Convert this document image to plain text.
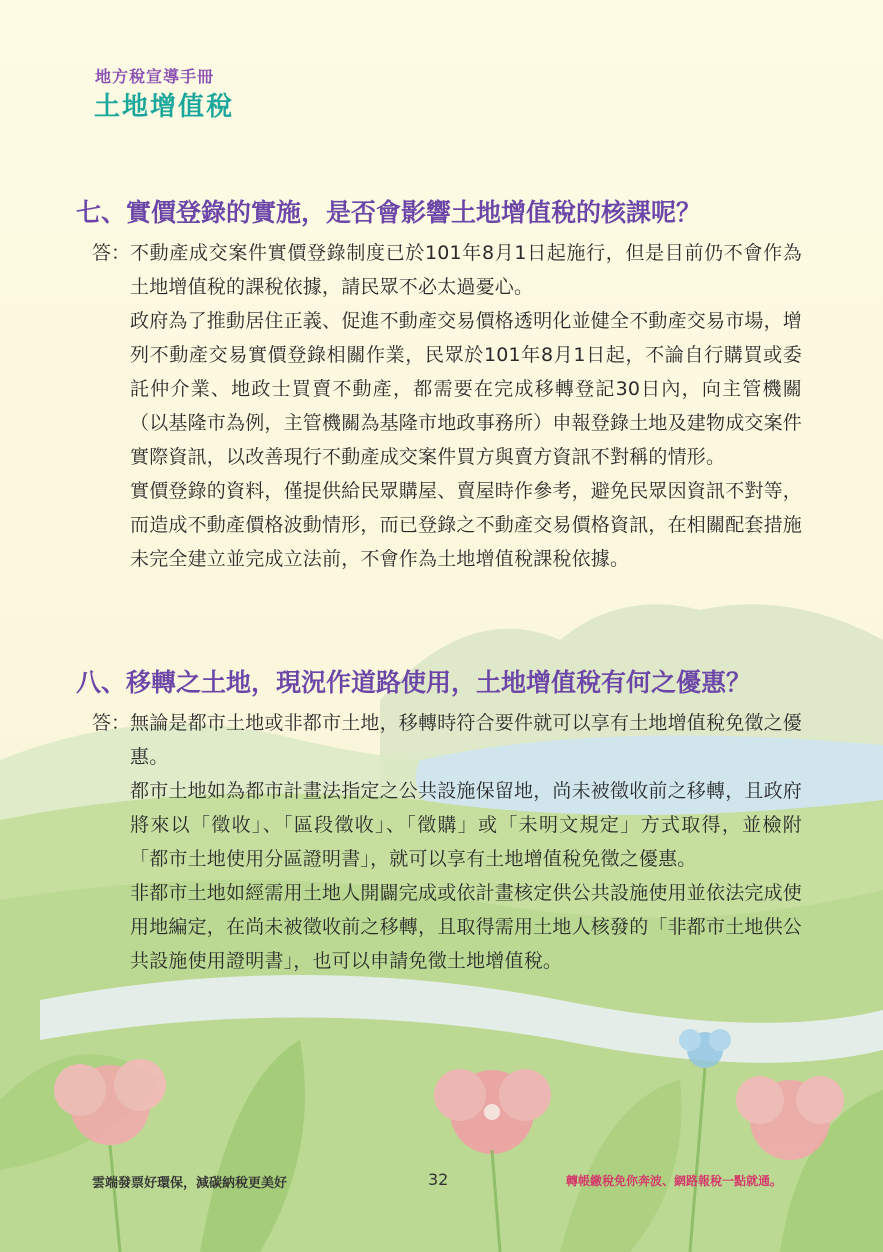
地方稅宣導手冊
土地增值稅
七、實價登錄的實施，是否會影響土地增值稅的核課呢？
答： 不動產成交案件實價登錄制度已於101年8月1日起施行，但是目前仍不會作為土地增值稅的課稅依據，請民眾不必太過憂心。

政府為了推動居住正義、促進不動產交易價格透明化並健全不動產交易市場，增列不動產交易實價登錄相關作業，民眾於101年8月1日起，不論自行購買或委託仲介業、地政士買賣不動產，都需要在完成移轉登記30日內，向主管機關（以基隆市為例，主管機關為基隆市地政事務所）申報登錄土地及建物成交案件實際資訊，以改善現行不動產成交案件買方與賣方資訊不對稱的情形。

實價登錄的資料，僅提供給民眾購屋、賣屋時作參考，避免民眾因資訊不對等，而造成不動產價格波動情形，而已登錄之不動產交易價格資訊，在相關配套措施未完全建立並完成立法前，不會作為土地增值稅課稅依據。

八、移轉之土地，現況作道路使用，土地增值稅有何之優惠？
答： 無論是都市土地或非都市土地，移轉時符合要件就可以享有土地增值稅免徵之優惠。

都市土地如為都市計畫法指定之公共設施保留地，尚未被徵收前之移轉，且政府將來以「徵收」、「區段徵收」、「徵購」或「未明文規定」方式取得，並檢附「都市土地使用分區證明書」，就可以享有土地增值稅免徵之優惠。

非都市土地如經需用土地人開闢完成或依計畫核定供公共設施使用並依法完成使用地編定，在尚未被徵收前之移轉，且取得需用土地人核發的「非都市土地供公共設施使用證明書」，也可以申請免徵土地增值稅。

雲端發票好環保，減碳納稅更美好	32	轉帳繳稅免你奔波、網路報稅一點就通。
